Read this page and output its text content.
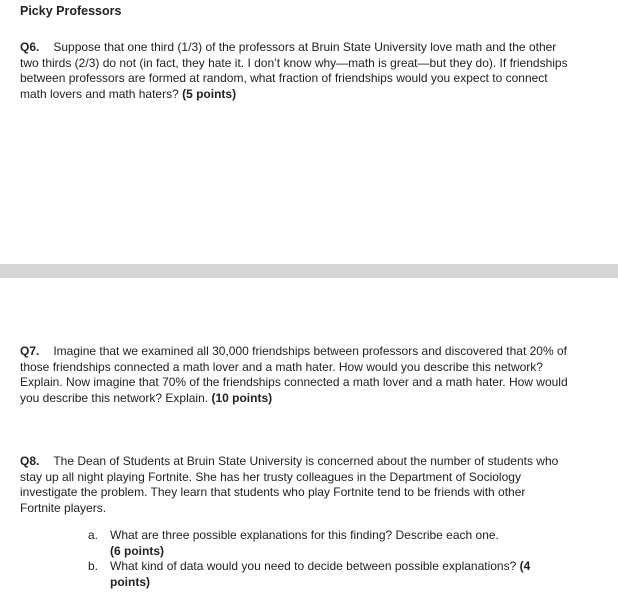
Picky Professors
Q6. Suppose that one third (1/3) of the professors at Bruin State University love math and the other two thirds (2/3) do not (in fact, they hate it. I don’t know why—math is great—but they do). If friendships between professors are formed at random, what fraction of friendships would you expect to connect math lovers and math haters? (5 points)
Q7. Imagine that we examined all 30,000 friendships between professors and discovered that 20% of those friendships connected a math lover and a math hater. How would you describe this network? Explain. Now imagine that 70% of the friendships connected a math lover and a math hater. How would you describe this network? Explain. (10 points)
Q8. The Dean of Students at Bruin State University is concerned about the number of students who stay up all night playing Fortnite. She has her trusty colleagues in the Department of Sociology investigate the problem. They learn that students who play Fortnite tend to be friends with other Fortnite players.
a. What are three possible explanations for this finding? Describe each one.
(6 points)
b. What kind of data would you need to decide between possible explanations? (4 points)
